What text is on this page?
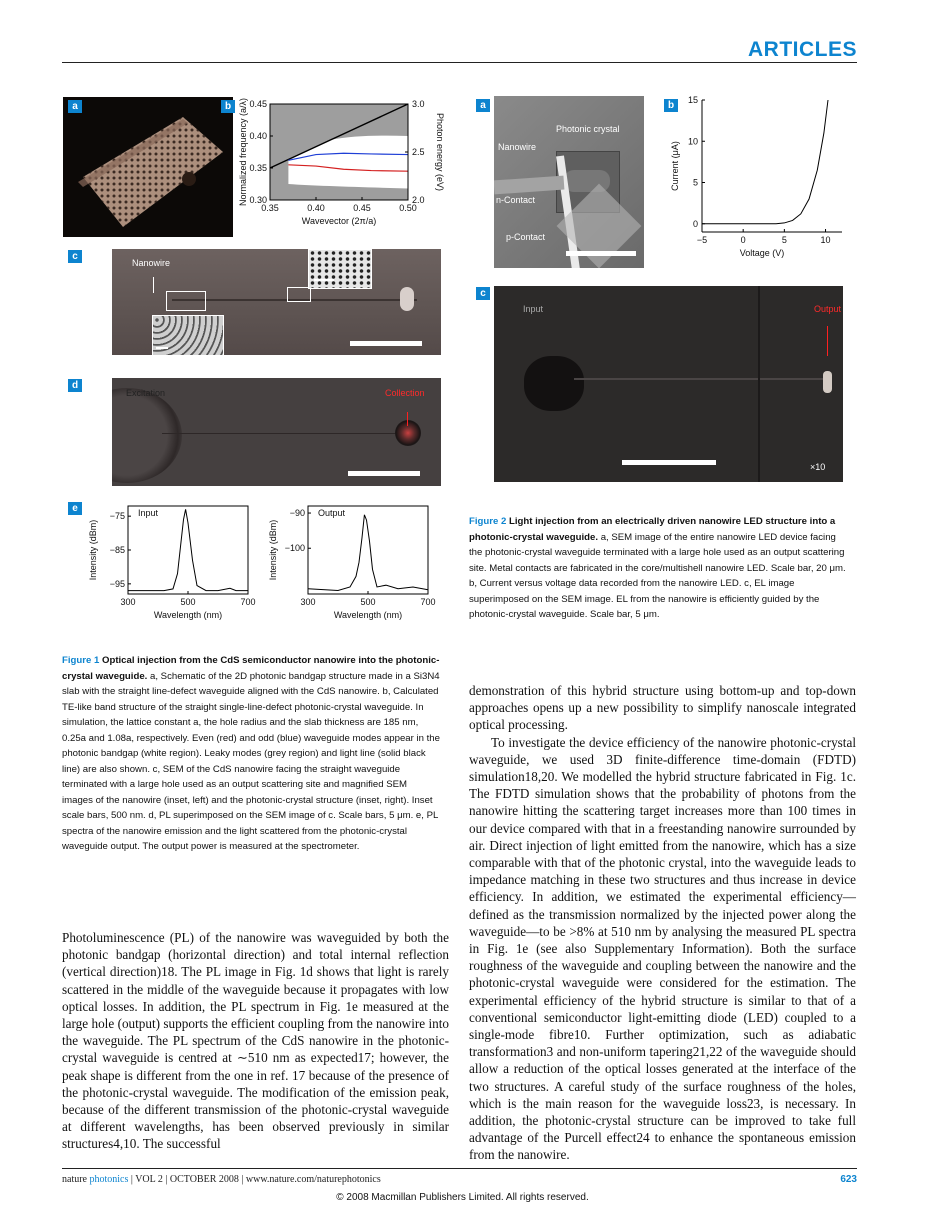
ARTICLES
a	b
0.35	0.40	0.45	0.50
0.30
0.35
0.40
0.45
2.0
2.5
3.0
Wavevector (2π/a)
Normalized frequency (a/λ)	Photon energy (eV)
c
Nanowire
d
Excitation	Collection
e
300	500	700
−75
−85
−95
Input
Wavelength (nm)
Intensity (dBm)
300	500	700
−90
−100
Output
Wavelength (nm)
Intensity (dBm)
Figure 1 Optical injection from the CdS semiconductor nanowire into the photonic-crystal waveguide. a, Schematic of the 2D photonic bandgap structure made in a Si3N4 slab with the straight line-defect waveguide aligned with the CdS nanowire. b, Calculated TE-like band structure of the straight single-line-defect photonic-crystal waveguide. In simulation, the lattice constant a, the hole radius and the slab thickness are 185 nm, 0.25a and 1.08a, respectively. Even (red) and odd (blue) waveguide modes appear in the photonic bandgap (white region). Leaky modes (grey region) and light line (solid black line) are also shown. c, SEM of the CdS nanowire facing the straight waveguide terminated with a large hole used as an output scattering site and magnified SEM images of the nanowire (inset, left) and the photonic-crystal structure (inset, right). Inset scale bars, 500 nm. d, PL superimposed on the SEM image of c. Scale bars, 5 μm. e, PL spectra of the nanowire emission and the light scattered from the photonic-crystal waveguide output. The output power is measured at the spectrometer.
a
Nanowire
Photonic crystal
n-Contact
p-Contact
b
−5	0	5	10
0
5
10
15
Voltage (V)
Current (μA)
c
Input	Output
×10
Figure 2 Light injection from an electrically driven nanowire LED structure into a photonic-crystal waveguide. a, SEM image of the entire nanowire LED device facing the photonic-crystal waveguide terminated with a large hole used as an output scattering site. Metal contacts are fabricated in the core/multishell nanowire LED. Scale bar, 20 μm. b, Current versus voltage data recorded from the nanowire LED. c, EL image superimposed on the SEM image. EL from the nanowire is efficiently guided by the photonic-crystal waveguide. Scale bar, 5 μm.

Photoluminescence (PL) of the nanowire was waveguided by both the photonic bandgap (horizontal direction) and total internal reflection (vertical direction)18. The PL image in Fig. 1d shows that light is rarely scattered in the middle of the waveguide because it propagates with low optical losses. In addition, the PL spectrum in Fig. 1e measured at the large hole (output) supports the efficient coupling from the nanowire into the waveguide. The PL spectrum of the CdS nanowire in the photonic-crystal waveguide is centred at ∼510 nm as expected17; however, the peak shape is different from the one in ref. 17 because of the presence of the photonic-crystal waveguide. The modification of the emission peak, because of the different transmission of the photonic-crystal waveguide at different wavelengths, has been observed previously in similar structures4,10. The successful

demonstration of this hybrid structure using bottom-up and top-down approaches opens up a new possibility to simplify nanoscale integrated optical processing.

To investigate the device efficiency of the nanowire photonic-crystal waveguide, we used 3D finite-difference time-domain (FDTD) simulation18,20. We modelled the hybrid structure fabricated in Fig. 1c. The FDTD simulation shows that the probability of photons from the nanowire hitting the scattering target increases more than 100 times in our device compared with that in a freestanding nanowire surrounded by air. Direct injection of light emitted from the nanowire, which has a size comparable with that of the photonic crystal, into the waveguide leads to impedance matching in these two structures and thus increase in device efficiency. In addition, we estimated the experimental efficiency—defined as the transmission normalized by the injected power along the waveguide—to be >8% at 510 nm by analysing the measured PL spectra in Fig. 1e (see also Supplementary Information). Both the surface roughness of the waveguide and coupling between the nanowire and the photonic-crystal waveguide were considered for the estimation. The experimental efficiency of the hybrid structure is similar to that of a conventional semiconductor light-emitting diode (LED) coupled to a single-mode fibre10. Further optimization, such as adiabatic transformation3 and non-uniform tapering21,22 of the waveguide should allow a reduction of the optical losses generated at the interface of the two structures. A careful study of the surface roughness of the holes, which is the main reason for the waveguide loss23, is necessary. In addition, the photonic-crystal structure can be improved to take full advantage of the Purcell effect24 to enhance the spontaneous emission from the nanowire.

nature photonics | VOL 2 | OCTOBER 2008 | www.nature.com/naturephotonics	623
© 2008 Macmillan Publishers Limited. All rights reserved.
